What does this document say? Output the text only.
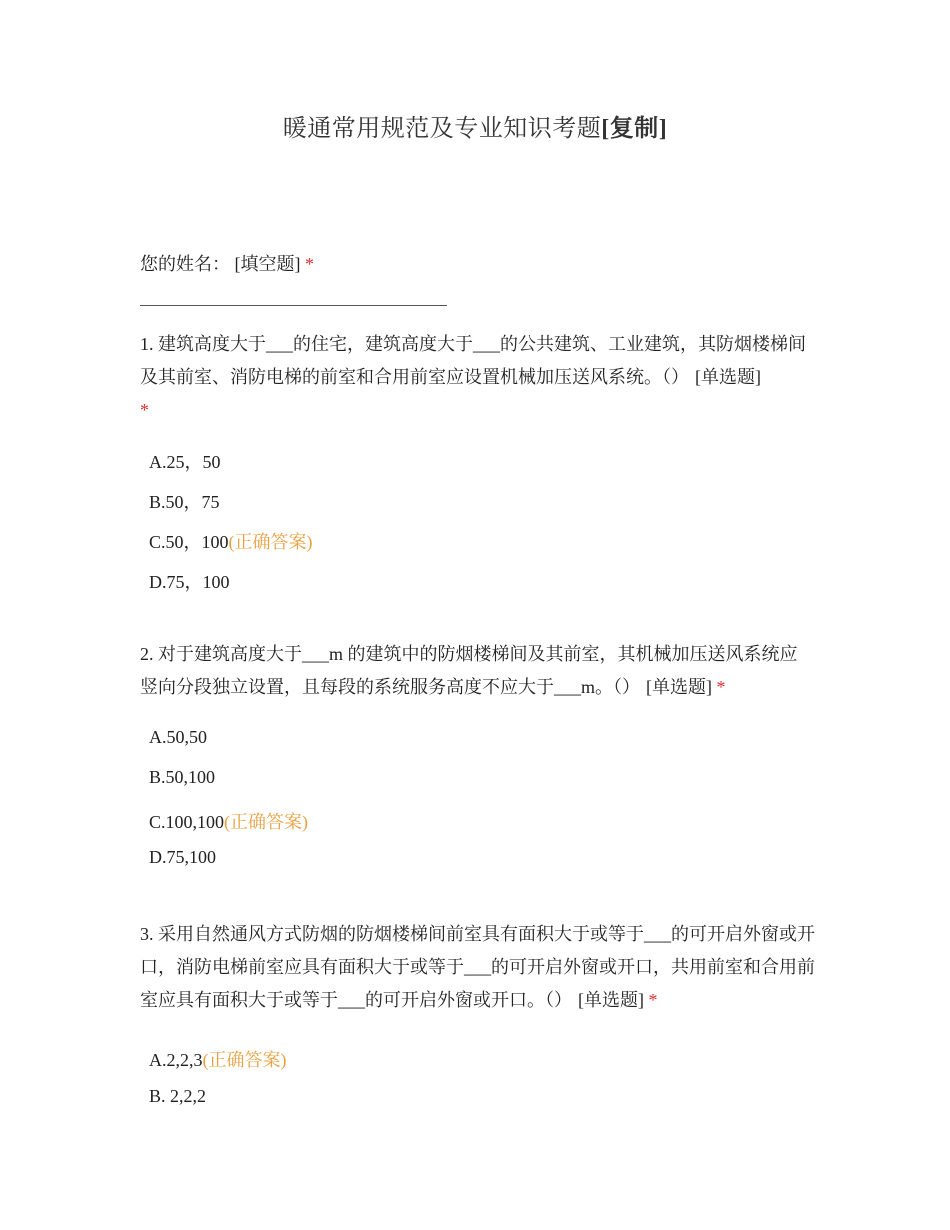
暖通常用规范及专业知识考题[复制]
您的姓名： [填空题] *
1. 建筑高度大于___的住宅，建筑高度大于___的公共建筑、工业建筑，其防烟楼梯间及其前室、消防电梯的前室和合用前室应设置机械加压送风系统。（） [单选题]
*
A.25，50
B.50，75
C.50，100(正确答案)
D.75，100
2. 对于建筑高度大于___m 的建筑中的防烟楼梯间及其前室，其机械加压送风系统应竖向分段独立设置，且每段的系统服务高度不应大于___m。（） [单选题] *
A.50,50
B.50,100
C.100,100(正确答案)
D.75,100
3. 采用自然通风方式防烟的防烟楼梯间前室具有面积大于或等于___的可开启外窗或开口，消防电梯前室应具有面积大于或等于___的可开启外窗或开口，共用前室和合用前室应具有面积大于或等于___的可开启外窗或开口。（） [单选题] *
A.2,2,3(正确答案)
B. 2,2,2
